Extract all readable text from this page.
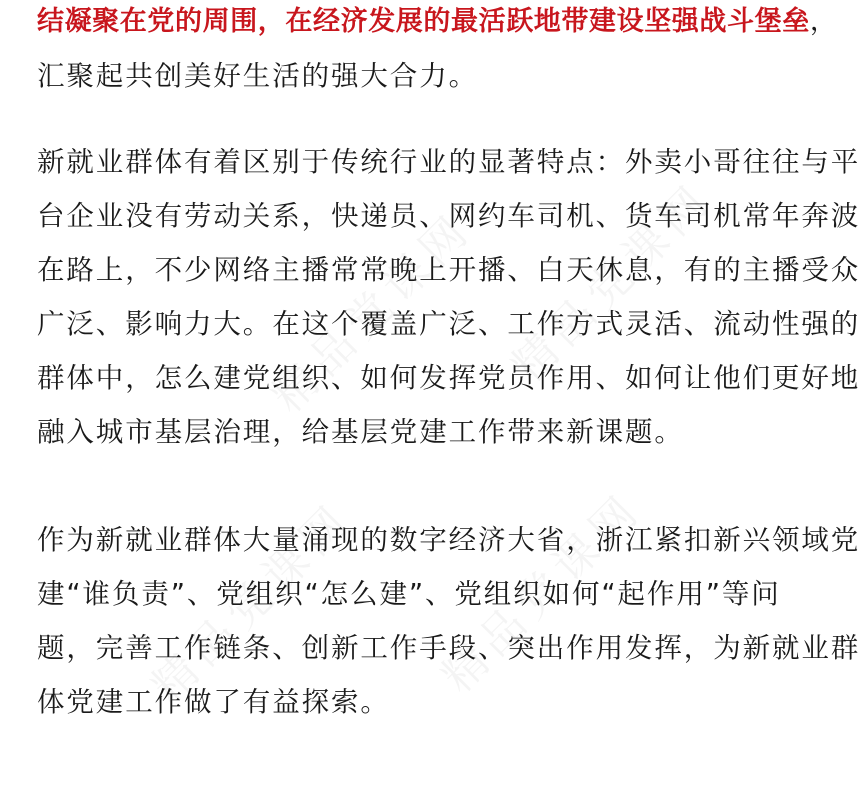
结凝聚在党的周围，在经济发展的最活跃地带建设坚强战斗堡垒，
汇聚起共创美好生活的强大合力。
新就业群体有着区别于传统行业的显著特点：外卖小哥往往与平
台企业没有劳动关系，快递员、网约车司机、货车司机常年奔波
在路上，不少网络主播常常晚上开播、白天休息，有的主播受众
广泛、影响力大。在这个覆盖广泛、工作方式灵活、流动性强的
群体中，怎么建党组织、如何发挥党员作用、如何让他们更好地
融入城市基层治理，给基层党建工作带来新课题。
作为新就业群体大量涌现的数字经济大省，浙江紧扣新兴领域党
建“谁负责”、党组织“怎么建”、党组织如何“起作用”等问
题，完善工作链条、创新工作手段、突出作用发挥，为新就业群
体党建工作做了有益探索。
